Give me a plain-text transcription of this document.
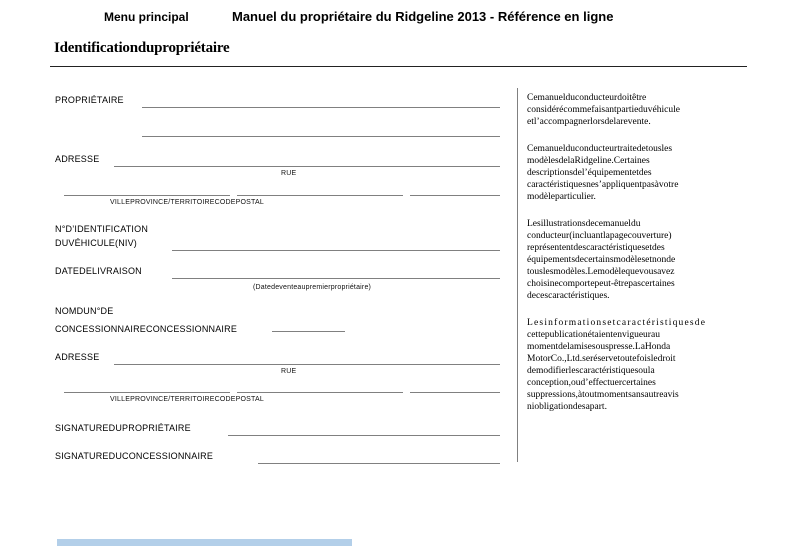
Menu principal	Manuel du propriétaire du Ridgeline 2013 - Référence en ligne
Identificationdupropriétaire
PROPRIÉTAIRE
ADRESSE
RUE
VILLEPROVINCE/TERRITOIRECODEPOSTAL
N°D’IDENTIFICATION
DUVÉHICULE(NIV)
DATEDELIVRAISON
(Datedeventeaupremierpropriétaire)
NOMDUN°DE
CONCESSIONNAIRECONCESSIONNAIRE
ADRESSE
RUE
VILLEPROVINCE/TERRITOIRECODEPOSTAL
SIGNATUREDUPROPRIÉTAIRE
SIGNATUREDUCONCESSIONNAIRE
Cemanuelduconducteurdoitêtre
considérécommefaisantpartieduvéhicule
etl’accompagnerlorsdelarevente.
Cemanuelduconducteurtraitedetousles
modèlesdelaRidgeline.Certaines
descriptionsdel’équipementetdes
caractéristiquesnes’appliquentpasàvotre
modèleparticulier.
Lesillustrationsdecemanueldu
conducteur(incluantlapagecouverture)
représententdescaractéristiquesetdes
équipementsdecertainsmodèlesetnonde
touslesmodèles.Lemodèlequevousavez
choisinecomportepeut-êtrepascertaines
decescaractéristiques.
Lesinformationsetcaractéristiquesde
cettepublicationétaientenvigueurau
momentdelamisesouspresse.LaHonda
MotorCo.,Ltd.seréservetoutefoisledroit
demodifierlescaractéristiquesoula
conception,oud’effectuercertaines
suppressions,àtoutmomentsansautreavis
niobligationdesapart.
